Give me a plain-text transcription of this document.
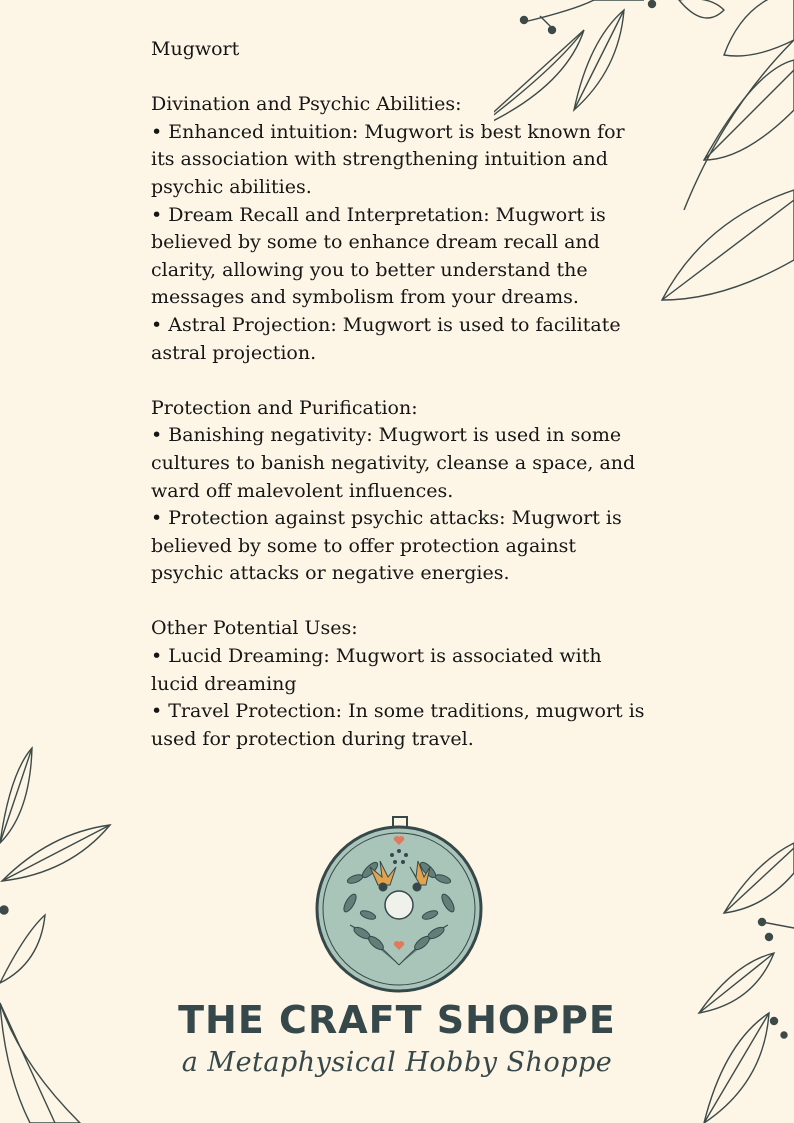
Mugwort

Divination and Psychic Abilities:

• Enhanced intuition: Mugwort is best known for its association with strengthening intuition and psychic abilities.

• Dream Recall and Interpretation: Mugwort is believed by some to enhance dream recall and clarity, allowing you to better understand the messages and symbolism from your dreams.

• Astral Projection: Mugwort is used to facilitate astral projection.

Protection and Purification:

• Banishing negativity: Mugwort is used in some cultures to banish negativity, cleanse a space, and ward off malevolent influences.

• Protection against psychic attacks: Mugwort is believed by some to offer protection against psychic attacks or negative energies.

Other Potential Uses:

• Lucid Dreaming: Mugwort is associated with lucid dreaming

• Travel Protection: In some traditions, mugwort is used for protection during travel.

THE CRAFT SHOPPE
a Metaphysical Hobby Shoppe
